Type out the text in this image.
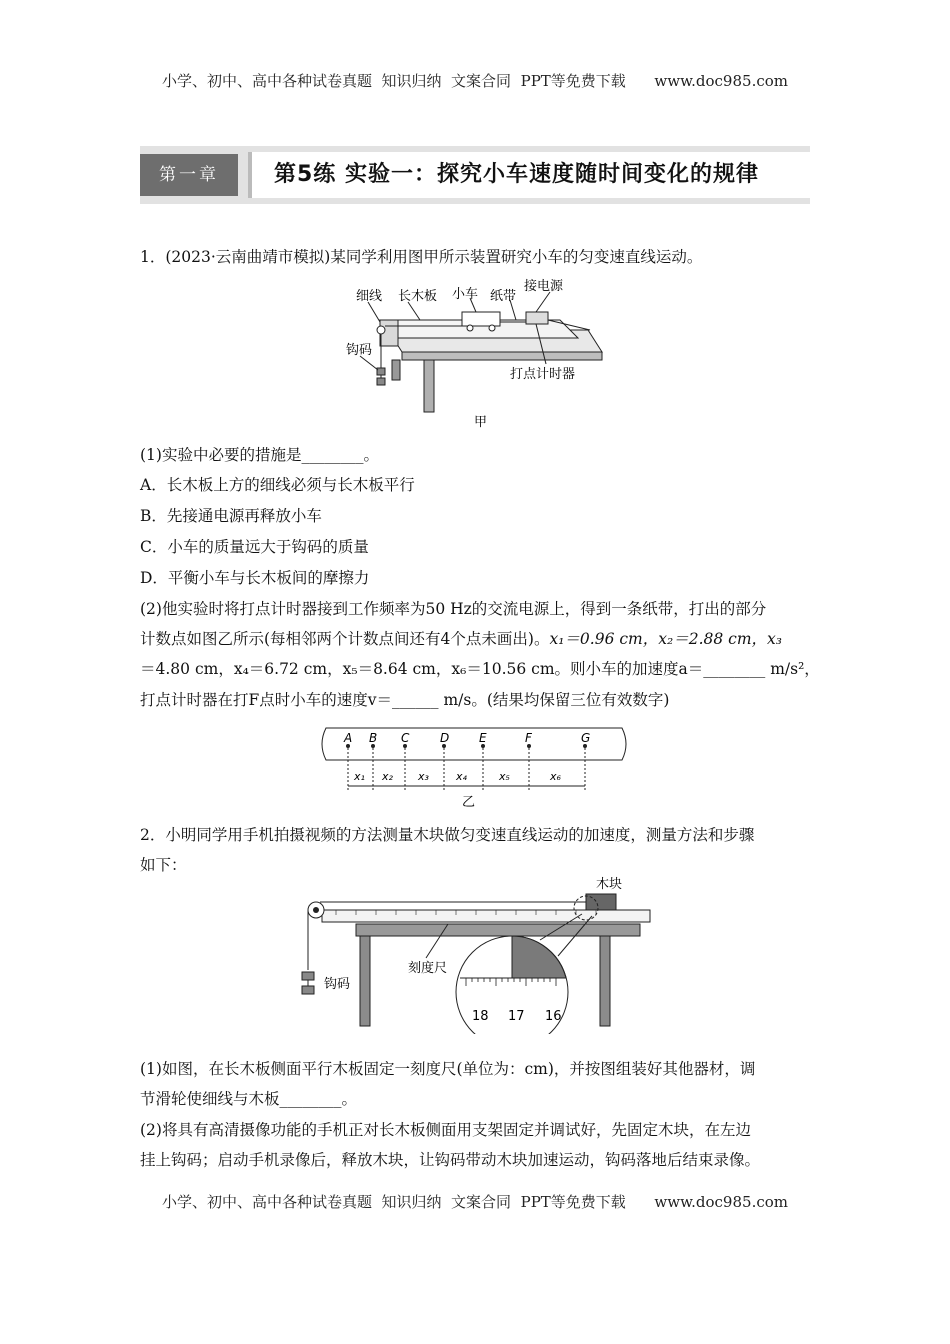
小学、初中、高中各种试卷真题  知识归纳  文案合同  PPT等免费下载      www.doc985.com
第一章	第5练 实验一：探究小车速度随时间变化的规律
1．(2023·云南曲靖市模拟)某同学利用图甲所示装置研究小车的匀变速直线运动。
细线 长木板 小车 纸带
接电源
钩码
打点计时器
甲
(1)实验中必要的措施是________。
A．长木板上方的细线必须与长木板平行
B．先接通电源再释放小车
C．小车的质量远大于钩码的质量
D．平衡小车与长木板间的摩擦力
(2)他实验时将打点计时器接到工作频率为50 Hz的交流电源上，得到一条纸带，打出的部分
计数点如图乙所示(每相邻两个计数点间还有4个点未画出)。x₁＝0.96 cm，x₂＝2.88 cm，x₃
＝4.80 cm，x₄＝6.72 cm，x₅＝8.64 cm，x₆＝10.56 cm。则小车的加速度a＝________ m/s²，
打点计时器在打F点时小车的速度v＝______ m/s。(结果均保留三位有效数字)
A B C	D E	F	G
x₁ x₂ x₃ x₄	x₅	x₆
乙
2．小明同学用手机拍摄视频的方法测量木块做匀变速直线运动的加速度，测量方法和步骤
如下：
18 17 16
木块
刻度尺
钩码
(1)如图，在长木板侧面平行木板固定一刻度尺(单位为：cm)，并按图组装好其他器材，调
节滑轮使细线与木板________。
(2)将具有高清摄像功能的手机正对长木板侧面用支架固定并调试好，先固定木块，在左边
挂上钩码；启动手机录像后，释放木块，让钩码带动木块加速运动，钩码落地后结束录像。
小学、初中、高中各种试卷真题  知识归纳  文案合同  PPT等免费下载      www.doc985.com
